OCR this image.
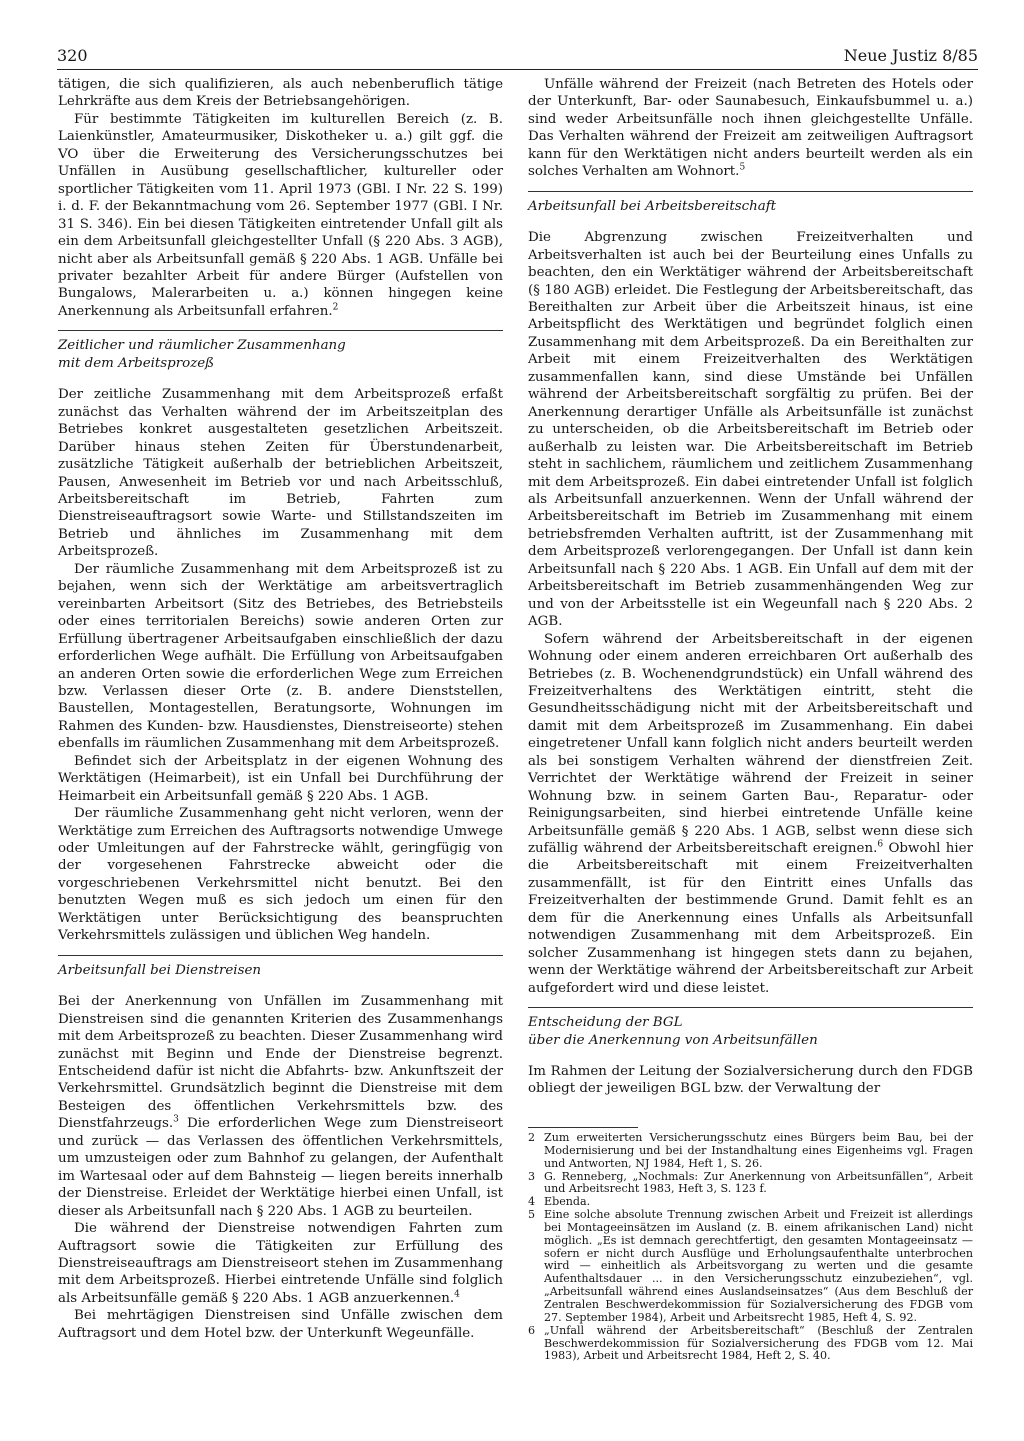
320	Neue Justiz 8/85

tätigen, die sich qualifizieren, als auch nebenberuflich tätige Lehrkräfte aus dem Kreis der Betriebsangehörigen.

Für bestimmte Tätigkeiten im kulturellen Bereich (z. B. Laienkünstler, Amateurmusiker, Diskotheker u. a.) gilt ggf. die VO über die Erweiterung des Versicherungsschutzes bei Unfällen in Ausübung gesellschaftlicher, kultureller oder sportlicher Tätigkeiten vom 11. April 1973 (GBl. I Nr. 22 S. 199) i. d. F. der Bekanntmachung vom 26. September 1977 (GBl. I Nr. 31 S. 346). Ein bei diesen Tätigkeiten eintretender Unfall gilt als ein dem Arbeitsunfall gleichgestellter Unfall (§ 220 Abs. 3 AGB), nicht aber als Arbeitsunfall gemäß § 220 Abs. 1 AGB. Unfälle bei privater bezahlter Arbeit für andere Bürger (Aufstellen von Bungalows, Malerarbeiten u. a.) können hingegen keine Anerkennung als Arbeitsunfall erfahren.$^2$

Zeitlicher und räumlicher Zusammenhang
mit dem Arbeitsprozeß

Der zeitliche Zusammenhang mit dem Arbeitsprozeß erfaßt zunächst das Verhalten während der im Arbeitszeitplan des Betriebes konkret ausgestalteten gesetzlichen Arbeitszeit. Darüber hinaus stehen Zeiten für Überstundenarbeit, zusätzliche Tätigkeit außerhalb der betrieblichen Arbeitszeit, Pausen, Anwesenheit im Betrieb vor und nach Arbeitsschluß, Arbeitsbereitschaft im Betrieb, Fahrten zum Dienstreiseauftragsort sowie Warte- und Stillstandszeiten im Betrieb und ähnliches im Zusammenhang mit dem Arbeitsprozeß.

Der räumliche Zusammenhang mit dem Arbeitsprozeß ist zu bejahen, wenn sich der Werktätige am arbeitsvertraglich vereinbarten Arbeitsort (Sitz des Betriebes, des Betriebsteils oder eines territorialen Bereichs) sowie anderen Orten zur Erfüllung übertragener Arbeitsaufgaben einschließlich der dazu erforderlichen Wege aufhält. Die Erfüllung von Arbeitsaufgaben an anderen Orten sowie die erforderlichen Wege zum Erreichen bzw. Verlassen dieser Orte (z. B. andere Dienststellen, Baustellen, Montagestellen, Beratungsorte, Wohnungen im Rahmen des Kunden- bzw. Hausdienstes, Dienstreiseorte) stehen ebenfalls im räumlichen Zusammenhang mit dem Arbeitsprozeß.

Befindet sich der Arbeitsplatz in der eigenen Wohnung des Werktätigen (Heimarbeit), ist ein Unfall bei Durchführung der Heimarbeit ein Arbeitsunfall gemäß § 220 Abs. 1 AGB.

Der räumliche Zusammenhang geht nicht verloren, wenn der Werktätige zum Erreichen des Auftragsorts notwendige Umwege oder Umleitungen auf der Fahrstrecke wählt, geringfügig von der vorgesehenen Fahrstrecke abweicht oder die vorgeschriebenen Verkehrsmittel nicht benutzt. Bei den benutzten Wegen muß es sich jedoch um einen für den Werktätigen unter Berücksichtigung des beanspruchten Verkehrsmittels zulässigen und üblichen Weg handeln.

Arbeitsunfall bei Dienstreisen

Bei der Anerkennung von Unfällen im Zusammenhang mit Dienstreisen sind die genannten Kriterien des Zusammenhangs mit dem Arbeitsprozeß zu beachten. Dieser Zusammenhang wird zunächst mit Beginn und Ende der Dienstreise begrenzt. Entscheidend dafür ist nicht die Abfahrts- bzw. Ankunftszeit der Verkehrsmittel. Grundsätzlich beginnt die Dienstreise mit dem Besteigen des öffentlichen Verkehrsmittels bzw. des Dienstfahrzeugs.$^3$ Die erforderlichen Wege zum Dienstreiseort und zurück — das Verlassen des öffentlichen Verkehrsmittels, um umzusteigen oder zum Bahnhof zu gelangen, der Aufenthalt im Wartesaal oder auf dem Bahnsteig — liegen bereits innerhalb der Dienstreise. Erleidet der Werktätige hierbei einen Unfall, ist dieser als Arbeitsunfall nach § 220 Abs. 1 AGB zu beurteilen.

Die während der Dienstreise notwendigen Fahrten zum Auftragsort sowie die Tätigkeiten zur Erfüllung des Dienstreiseauftrags am Dienstreiseort stehen im Zusammenhang mit dem Arbeitsprozeß. Hierbei eintretende Unfälle sind folglich als Arbeitsunfälle gemäß § 220 Abs. 1 AGB anzuerkennen.$^4$

Bei mehrtägigen Dienstreisen sind Unfälle zwischen dem Auftragsort und dem Hotel bzw. der Unterkunft Wegeunfälle.

Unfälle während der Freizeit (nach Betreten des Hotels oder der Unterkunft, Bar- oder Saunabesuch, Einkaufsbummel u. a.) sind weder Arbeitsunfälle noch ihnen gleichgestellte Unfälle. Das Verhalten während der Freizeit am zeitweiligen Auftragsort kann für den Werktätigen nicht anders beurteilt werden als ein solches Verhalten am Wohnort.$^5$

Arbeitsunfall bei Arbeitsbereitschaft

Die Abgrenzung zwischen Freizeitverhalten und Arbeitsverhalten ist auch bei der Beurteilung eines Unfalls zu beachten, den ein Werktätiger während der Arbeitsbereitschaft (§ 180 AGB) erleidet. Die Festlegung der Arbeitsbereitschaft, das Bereithalten zur Arbeit über die Arbeitszeit hinaus, ist eine Arbeitspflicht des Werktätigen und begründet folglich einen Zusammenhang mit dem Arbeitsprozeß. Da ein Bereithalten zur Arbeit mit einem Freizeitverhalten des Werktätigen zusammenfallen kann, sind diese Umstände bei Unfällen während der Arbeitsbereitschaft sorgfältig zu prüfen. Bei der Anerkennung derartiger Unfälle als Arbeitsunfälle ist zunächst zu unterscheiden, ob die Arbeitsbereitschaft im Betrieb oder außerhalb zu leisten war. Die Arbeitsbereitschaft im Betrieb steht in sachlichem, räumlichem und zeitlichem Zusammenhang mit dem Arbeitsprozeß. Ein dabei eintretender Unfall ist folglich als Arbeitsunfall anzuerkennen. Wenn der Unfall während der Arbeitsbereitschaft im Betrieb im Zusammenhang mit einem betriebsfremden Verhalten auftritt, ist der Zusammenhang mit dem Arbeitsprozeß verlorengegangen. Der Unfall ist dann kein Arbeitsunfall nach § 220 Abs. 1 AGB. Ein Unfall auf dem mit der Arbeitsbereitschaft im Betrieb zusammenhängenden Weg zur und von der Arbeitsstelle ist ein Wegeunfall nach § 220 Abs. 2 AGB.

Sofern während der Arbeitsbereitschaft in der eigenen Wohnung oder einem anderen erreichbaren Ort außerhalb des Betriebes (z. B. Wochenendgrundstück) ein Unfall während des Freizeitverhaltens des Werktätigen eintritt, steht die Gesundheitsschädigung nicht mit der Arbeitsbereitschaft und damit mit dem Arbeitsprozeß im Zusammenhang. Ein dabei eingetretener Unfall kann folglich nicht anders beurteilt werden als bei sonstigem Verhalten während der dienstfreien Zeit. Verrichtet der Werktätige während der Freizeit in seiner Wohnung bzw. in seinem Garten Bau-, Reparatur- oder Reinigungsarbeiten, sind hierbei eintretende Unfälle keine Arbeitsunfälle gemäß § 220 Abs. 1 AGB, selbst wenn diese sich zufällig während der Arbeitsbereitschaft ereignen.$^6$ Obwohl hier die Arbeitsbereitschaft mit einem Freizeitverhalten zusammenfällt, ist für den Eintritt eines Unfalls das Freizeitverhalten der bestimmende Grund. Damit fehlt es an dem für die Anerkennung eines Unfalls als Arbeitsunfall notwendigen Zusammenhang mit dem Arbeitsprozeß. Ein solcher Zusammenhang ist hingegen stets dann zu bejahen, wenn der Werktätige während der Arbeitsbereitschaft zur Arbeit aufgefordert wird und diese leistet.

Entscheidung der BGL
über die Anerkennung von Arbeitsunfällen

Im Rahmen der Leitung der Sozialversicherung durch den FDGB obliegt der jeweiligen BGL bzw. der Verwaltung der

2 Zum erweiterten Versicherungsschutz eines Bürgers beim Bau, bei der Modernisierung und bei der Instandhaltung eines Eigenheims vgl. Fragen und Antworten, NJ 1984, Heft 1, S. 26.
3 G. Renneberg, „Nochmals: Zur Anerkennung von Arbeitsunfällen“, Arbeit und Arbeitsrecht 1983, Heft 3, S. 123 f.
4 Ebenda.
5 Eine solche absolute Trennung zwischen Arbeit und Freizeit ist allerdings bei Montageeinsätzen im Ausland (z. B. einem afrikanischen Land) nicht möglich. „Es ist demnach gerechtfertigt, den gesamten Montageeinsatz — sofern er nicht durch Ausflüge und Erholungsaufenthalte unterbrochen wird — einheitlich als Arbeitsvorgang zu werten und die gesamte Aufenthaltsdauer ... in den Versicherungsschutz einzubeziehen“, vgl. „Arbeitsunfall während eines Auslandseinsatzes“ (Aus dem Beschluß der Zentralen Beschwerdekommission für Sozialversicherung des FDGB vom 27. September 1984), Arbeit und Arbeitsrecht 1985, Heft 4, S. 92.
6 „Unfall während der Arbeitsbereitschaft“ (Beschluß der Zentralen Beschwerdekommission für Sozialversicherung des FDGB vom 12. Mai 1983), Arbeit und Arbeitsrecht 1984, Heft 2, S. 40.
